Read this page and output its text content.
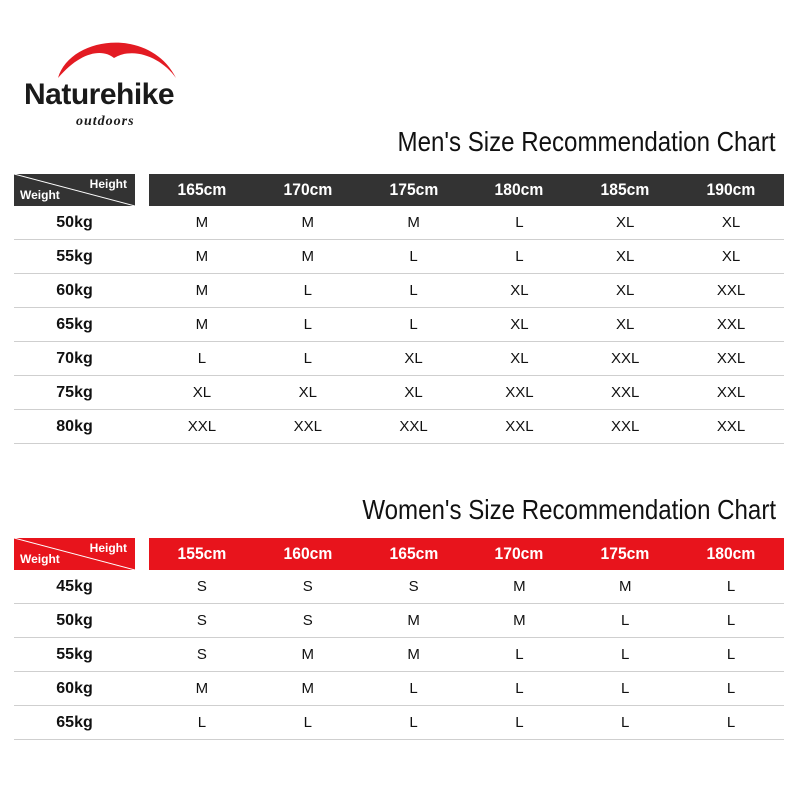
Naturehike
outdoors
Men's Size Recommendation Chart
Height
Weight	165cm	170cm	175cm	180cm	185cm	190cm
50kg	M	M	M	L	XL	XL
55kg	M	M	L	L	XL	XL
60kg	M	L	L	XL	XL	XXL
65kg	M	L	L	XL	XL	XXL
70kg	L	L	XL	XL	XXL	XXL
75kg	XL	XL	XL	XXL	XXL	XXL
80kg	XXL	XXL	XXL	XXL	XXL	XXL
Women's Size Recommendation Chart
Height
Weight	155cm	160cm	165cm	170cm	175cm	180cm
45kg	S	S	S	M	M	L
50kg	S	S	M	M	L	L
55kg	S	M	M	L	L	L
60kg	M	M	L	L	L	L
65kg	L	L	L	L	L	L
